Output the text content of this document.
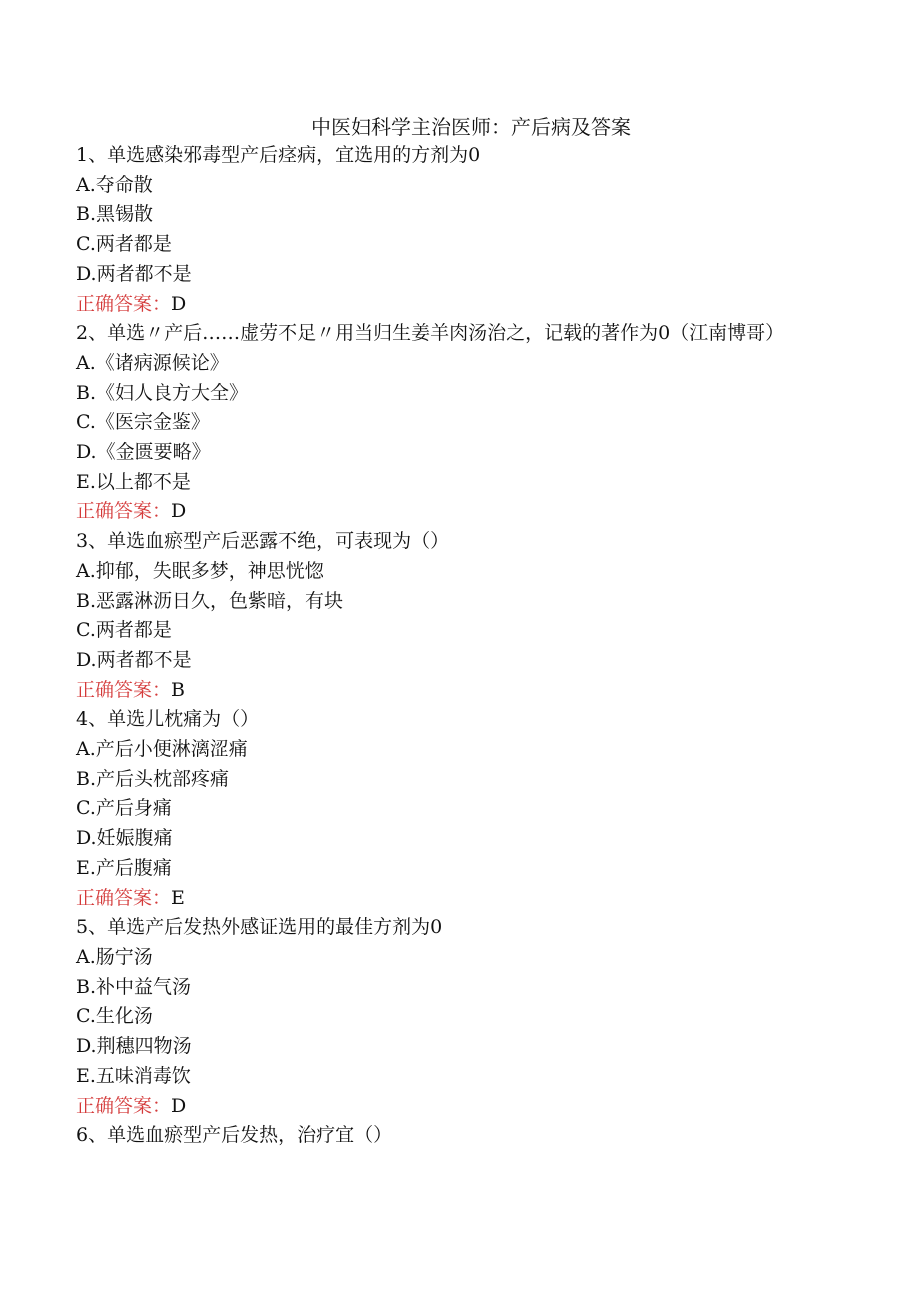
中医妇科学主治医师：产后病及答案

1、单选感染邪毒型产后痉病，宜选用的方剂为0

A.夺命散

B.黑锡散

C.两者都是

D.两者都不是

正确答案：D

2、单选〃产后……虚劳不足〃用当归生姜羊肉汤治之，记载的著作为0（江南博哥）

A.《诸病源候论》

B.《妇人良方大全》

C.《医宗金鉴》

D.《金匮要略》

E.以上都不是

正确答案：D

3、单选血瘀型产后恶露不绝，可表现为（）

A.抑郁，失眠多梦，神思恍惚

B.恶露淋沥日久，色紫暗，有块

C.两者都是

D.两者都不是

正确答案：B

4、单选儿枕痛为（）

A.产后小便淋漓涩痛

B.产后头枕部疼痛

C.产后身痛

D.妊娠腹痛

E.产后腹痛

正确答案：E

5、单选产后发热外感证选用的最佳方剂为0

A.肠宁汤

B.补中益气汤

C.生化汤

D.荆穗四物汤

E.五味消毒饮

正确答案：D

6、单选血瘀型产后发热，治疗宜（）
